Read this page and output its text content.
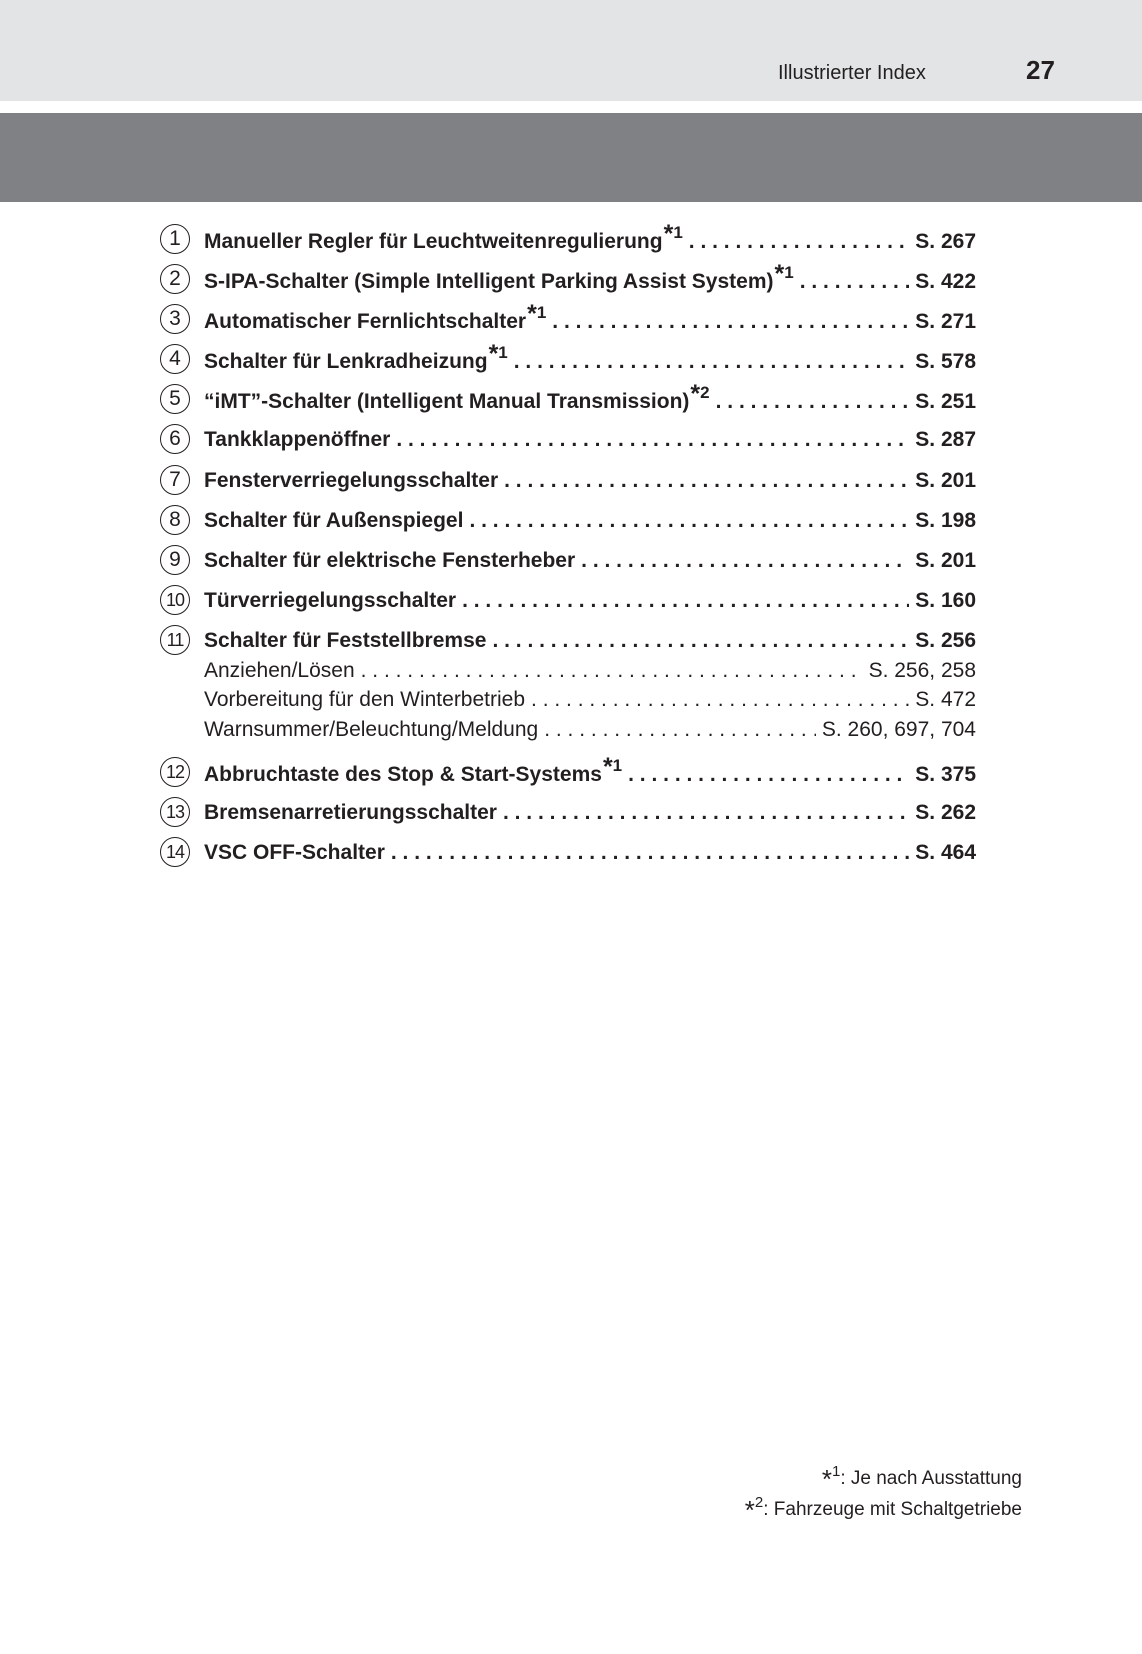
Illustrierter Index	27
1	Manueller Regler für Leuchtweitenregulierung *1 . . .	S. 267
2	S-IPA-Schalter (Simple Intelligent Parking Assist System) *1 . . .	S. 422
3	Automatischer Fernlichtschalter *1 . . .	S. 271
4	Schalter für Lenkradheizung *1 . . .	S. 578
5	“iMT”-Schalter (Intelligent Manual Transmission) *2 . . .	S. 251
6	Tankklappenöffner . . .	S. 287
7	Fensterverriegelungsschalter . . .	S. 201
8	Schalter für Außenspiegel . . .	S. 198
9	Schalter für elektrische Fensterheber . . .	S. 201
10 Türverriegelungsschalter . . .	S. 160
11 Schalter für Feststellbremse . . .	S. 256
Anziehen/Lösen . . .	S. 256, 258
Vorbereitung für den Winterbetrieb . . .	S. 472
Warnsummer/Beleuchtung/Meldung . . .	S. 260, 697, 704
12 Abbruchtaste des Stop & Start-Systems *1 . . .	S. 375
13 Bremsenarretierungsschalter . . .	S. 262
14 VSC OFF-Schalter . . .	S. 464
*$^1$: Je nach Ausstattung
*$^2$: Fahrzeuge mit Schaltgetriebe
